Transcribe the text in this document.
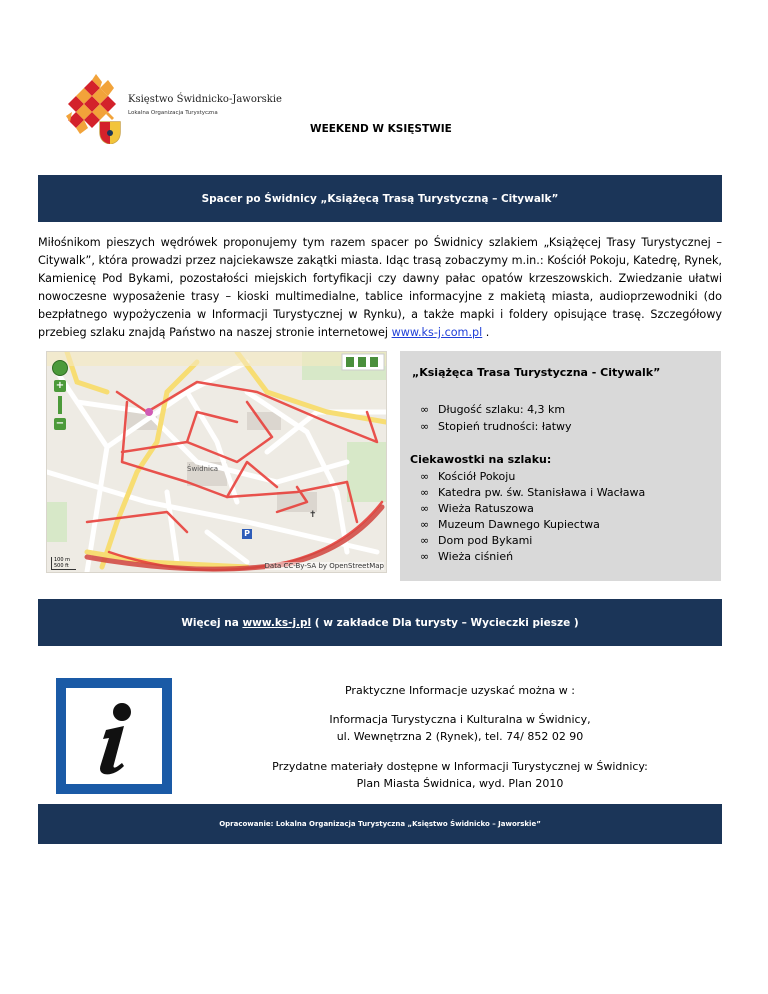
Księstwo Świdnicko-Jaworskie
Lokalna Organizacja Turystyczna
WEEKEND W KSIĘSTWIE
Spacer po Świdnicy „Książęcą Trasą Turystyczną – Citywalk”
Miłośnikom pieszych wędrówek proponujemy tym razem spacer po Świdnicy szlakiem „Książęcej Trasy Turystycznej – Citywalk”, która prowadzi przez najciekawsze zakątki miasta. Idąc trasą zobaczymy m.in.: Kościół Pokoju, Katedrę, Rynek, Kamienicę Pod Bykami, pozostałości miejskich fortyfikacji czy dawny pałac opatów krzeszowskich. Zwiedzanie ułatwi nowoczesne wyposażenie trasy – kioski multimedialne, tablice informacyjne z makietą miasta, audioprzewodniki (do bezpłatnego wypożyczenia w Informacji Turystycznej w Rynku), a także mapki i foldery opisujące trasę. Szczegółowy przebieg szlaku znajdą Państwo na naszej stronie internetowej www.ks-j.com.pl .
+
−
Świdnica
P
✝
Data CC-By-SA by OpenStreetMap
100 m
500 ft
„Książęca Trasa Turystyczna - Citywalk”
∞ Długość szlaku: 4,3 km
∞ Stopień trudności: łatwy
Ciekawostki na szlaku:
∞ Kościół Pokoju
∞ Katedra pw. św. Stanisława i Wacława
∞ Wieża Ratuszowa
∞ Muzeum Dawnego Kupiectwa
∞ Dom pod Bykami
∞ Wieża ciśnień
Więcej na www.ks-j.pl ( w zakładce Dla turysty – Wycieczki piesze )

Praktyczne Informacje uzyskać można w :

Informacja Turystyczna i Kulturalna w Świdnicy,

ul. Wewnętrzna 2 (Rynek), tel. 74/ 852 02 90

Przydatne materiały dostępne w Informacji Turystycznej w Świdnicy:

Plan Miasta Świdnica, wyd. Plan 2010

Opracowanie: Lokalna Organizacja Turystyczna „Księstwo Świdnicko – Jaworskie”
